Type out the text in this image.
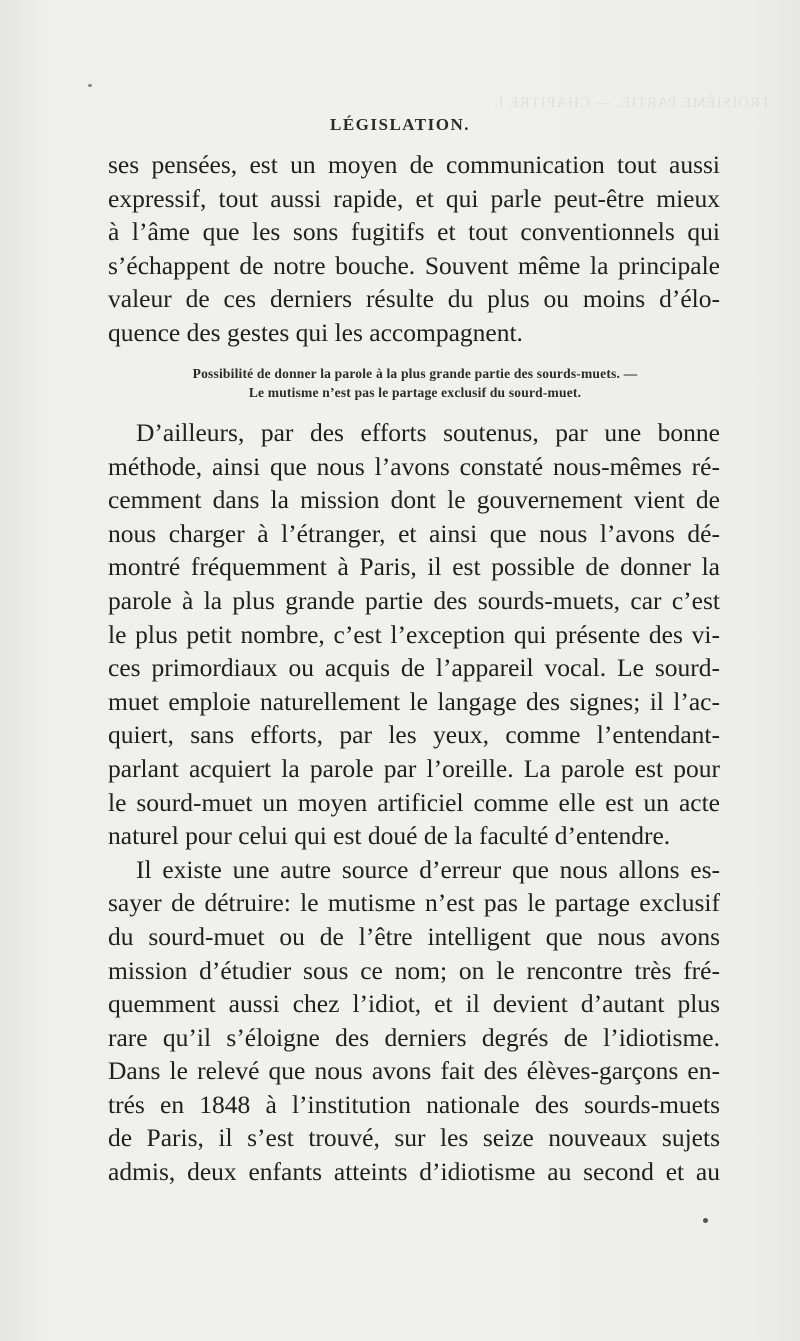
TROISIÈME PARTIE. — CHAPITRE I.
LÉGISLATION.
ses pensées, est un moyen de communication tout aussi
expressif, tout aussi rapide, et qui parle peut-être mieux
à l’âme que les sons fugitifs et tout conventionnels qui
s’échappent de notre bouche. Souvent même la principale
valeur de ces derniers résulte du plus ou moins d’élo-
quence des gestes qui les accompagnent.
Possibilité de donner la parole à la plus grande partie des sourds-muets. —
Le mutisme n’est pas le partage exclusif du sourd-muet.
D’ailleurs, par des efforts soutenus, par une bonne
méthode, ainsi que nous l’avons constaté nous-mêmes ré-
cemment dans la mission dont le gouvernement vient de
nous charger à l’étranger, et ainsi que nous l’avons dé-
montré fréquemment à Paris, il est possible de donner la
parole à la plus grande partie des sourds-muets, car c’est
le plus petit nombre, c’est l’exception qui présente des vi-
ces primordiaux ou acquis de l’appareil vocal. Le sourd-
muet emploie naturellement le langage des signes; il l’ac-
quiert, sans efforts, par les yeux, comme l’entendant-
parlant acquiert la parole par l’oreille. La parole est pour
le sourd-muet un moyen artificiel comme elle est un acte
naturel pour celui qui est doué de la faculté d’entendre.
Il existe une autre source d’erreur que nous allons es-
sayer de détruire: le mutisme n’est pas le partage exclusif
du sourd-muet ou de l’être intelligent que nous avons
mission d’étudier sous ce nom; on le rencontre très fré-
quemment aussi chez l’idiot, et il devient d’autant plus
rare qu’il s’éloigne des derniers degrés de l’idiotisme.
Dans le relevé que nous avons fait des élèves-garçons en-
trés en 1848 à l’institution nationale des sourds-muets
de Paris, il s’est trouvé, sur les seize nouveaux sujets
admis, deux enfants atteints d’idiotisme au second et au
